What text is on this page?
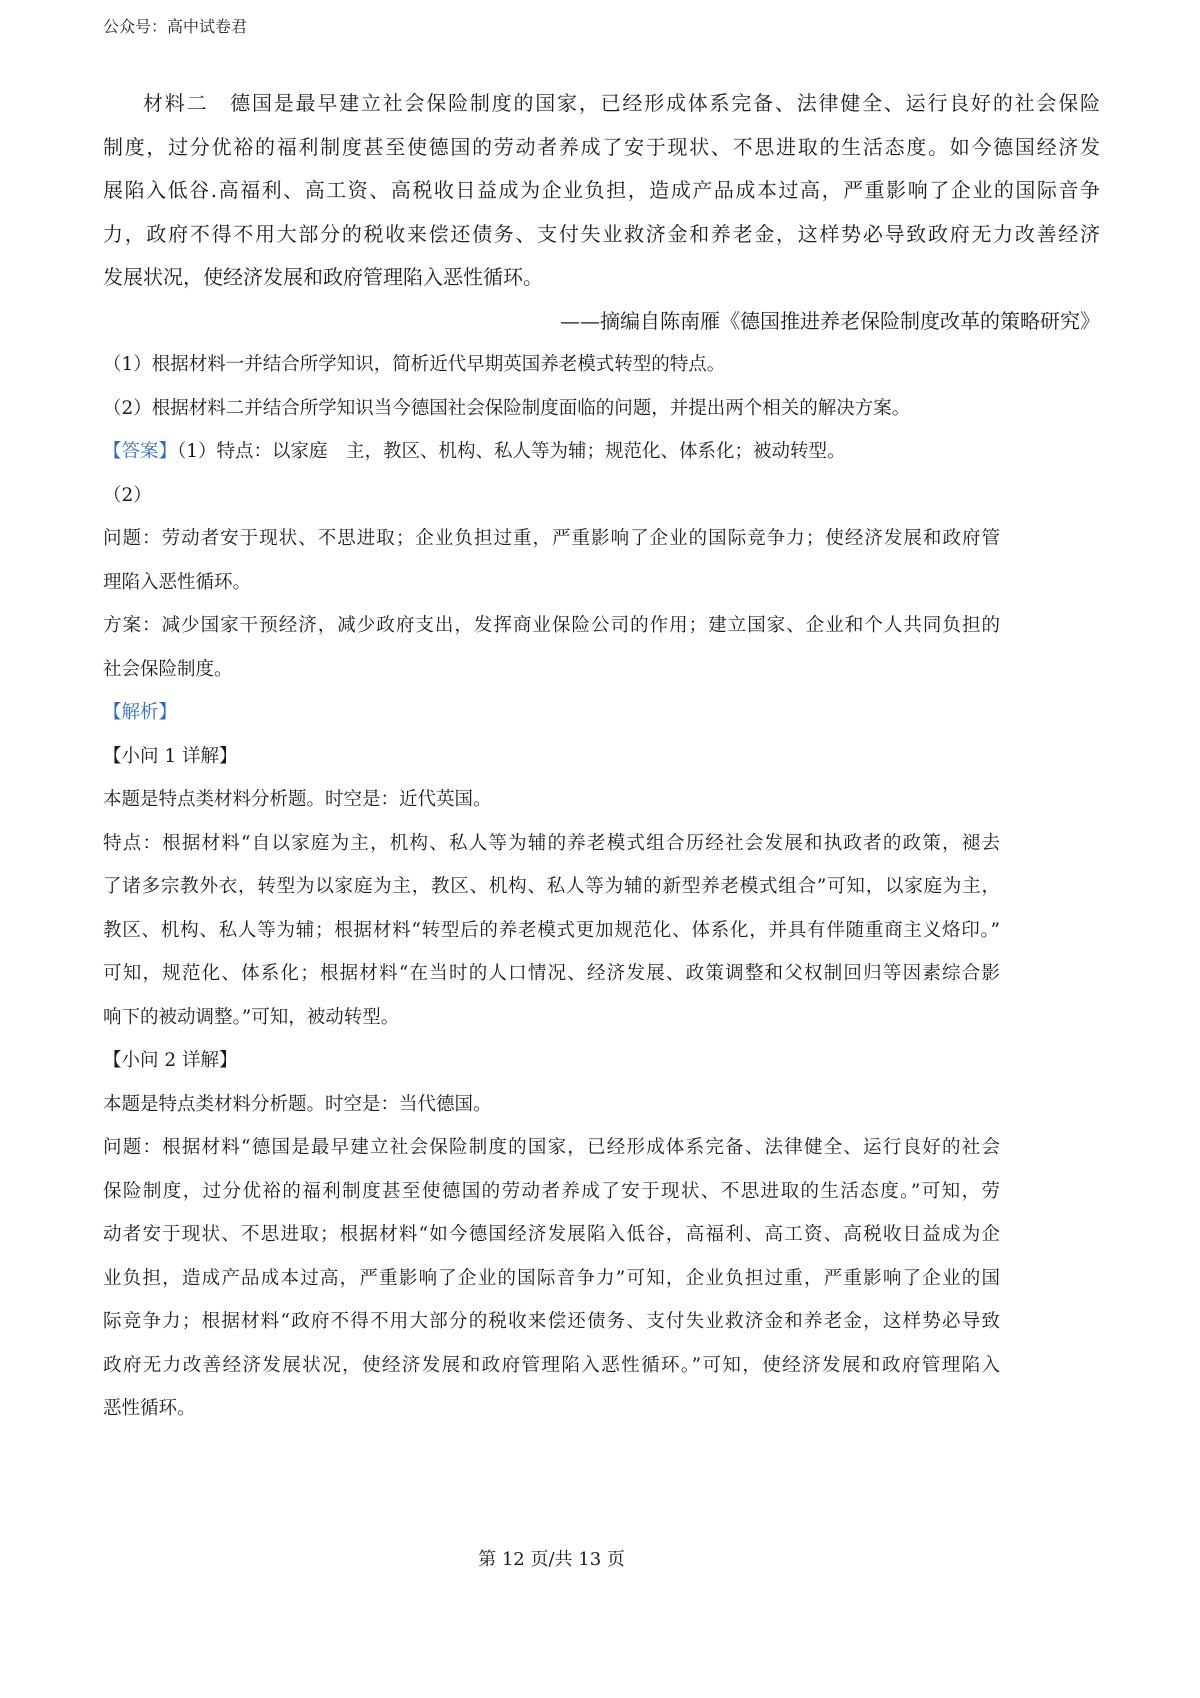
公众号：高中试卷君
材料二　德国是最早建立社会保险制度的国家，已经形成体系完备、法律健全、运行良好的社会保险
制度，过分优裕的福利制度甚至使德国的劳动者养成了安于现状、不思进取的生活态度。如今德国经济发
展陷入低谷.高福利、高工资、高税收日益成为企业负担，造成产品成本过高，严重影响了企业的国际音争
力，政府不得不用大部分的税收来偿还债务、支付失业救济金和养老金，这样势必导致政府无力改善经济
发展状况，使经济发展和政府管理陷入恶性循环。
——摘编自陈南雁《德国推进养老保险制度改革的策略研究》
（1）根据材料一并结合所学知识，简析近代早期英国养老模式转型的特点。
（2）根据材料二并结合所学知识当今德国社会保险制度面临的问题，并提出两个相关的解决方案。
【答案】（1）特点：以家庭　主，教区、机构、私人等为辅；规范化、体系化；被动转型。
（2）
问题：劳动者安于现状、不思进取；企业负担过重，严重影响了企业的国际竞争力；使经济发展和政府管
理陷入恶性循环。
方案：减少国家干预经济，减少政府支出，发挥商业保险公司的作用；建立国家、企业和个人共同负担的
社会保险制度。
【解析】
【小问 1 详解】
本题是特点类材料分析题。时空是：近代英国。
特点：根据材料“自以家庭为主，机构、私人等为辅的养老模式组合历经社会发展和执政者的政策，褪去
了诸多宗教外衣，转型为以家庭为主，教区、机构、私人等为辅的新型养老模式组合”可知，以家庭为主，
教区、机构、私人等为辅；根据材料“转型后的养老模式更加规范化、体系化，并具有伴随重商主义烙印。”
可知，规范化、体系化；根据材料“在当时的人口情况、经济发展、政策调整和父权制回归等因素综合影
响下的被动调整。”可知，被动转型。
【小问 2 详解】
本题是特点类材料分析题。时空是：当代德国。
问题：根据材料“德国是最早建立社会保险制度的国家，已经形成体系完备、法律健全、运行良好的社会
保险制度，过分优裕的福利制度甚至使德国的劳动者养成了安于现状、不思进取的生活态度。”可知，劳
动者安于现状、不思进取；根据材料“如今德国经济发展陷入低谷，高福利、高工资、高税收日益成为企
业负担，造成产品成本过高，严重影响了企业的国际音争力”可知，企业负担过重，严重影响了企业的国
际竞争力；根据材料“政府不得不用大部分的税收来偿还债务、支付失业救济金和养老金，这样势必导致
政府无力改善经济发展状况，使经济发展和政府管理陷入恶性循环。”可知，使经济发展和政府管理陷入
恶性循环。
第 12 页/共 13 页
